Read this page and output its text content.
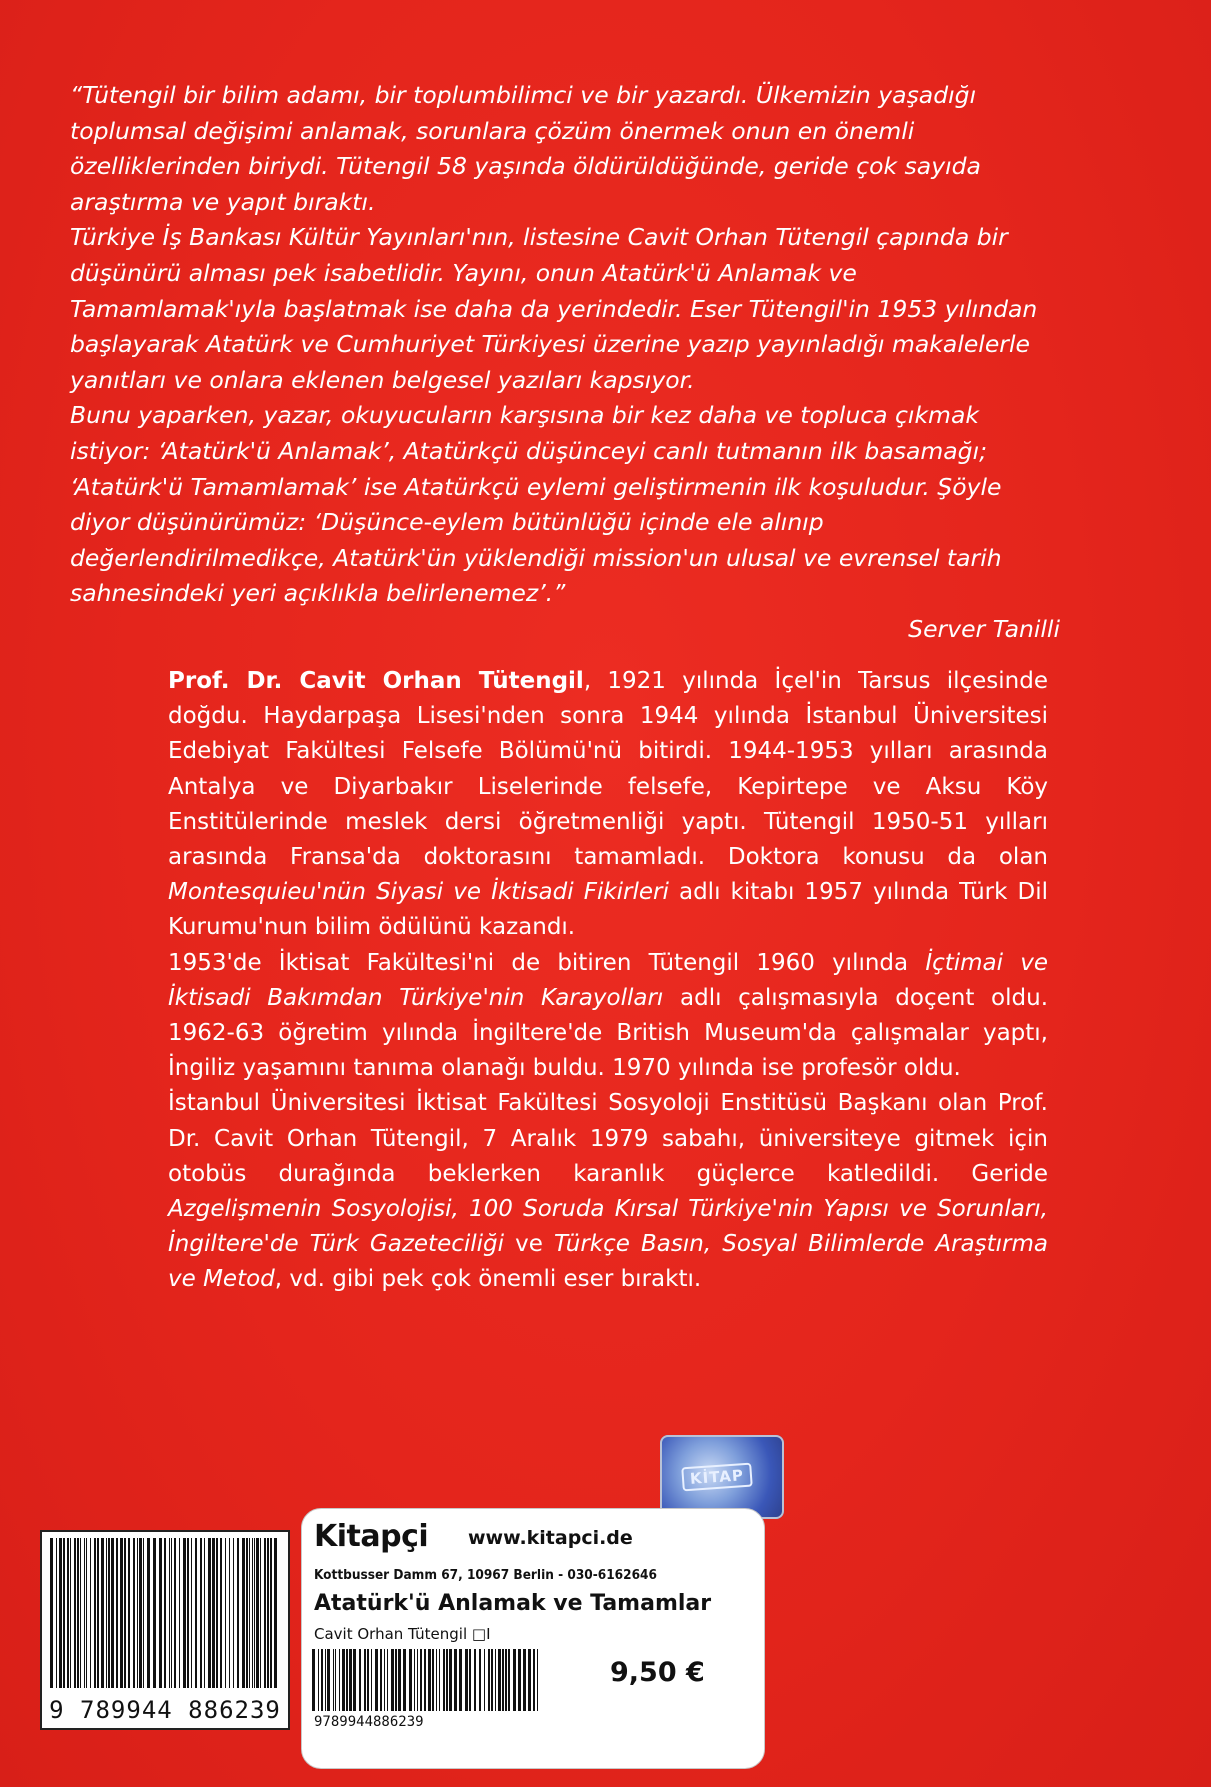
“Tütengil bir bilim adamı, bir toplumbilimci ve bir yazardı. Ülkemizin yaşadığı toplumsal değişimi anlamak, sorunlara çözüm önermek onun en önemli özelliklerinden biriydi. Tütengil 58 yaşında öldürüldüğünde, geride çok sayıda araştırma ve yapıt bıraktı.

Türkiye İş Bankası Kültür Yayınları'nın, listesine Cavit Orhan Tütengil çapında bir düşünürü alması pek isabetlidir. Yayını, onun Atatürk'ü Anlamak ve Tamamlamak'ıyla başlatmak ise daha da yerindedir. Eser Tütengil'in 1953 yılından başlayarak Atatürk ve Cumhuriyet Türkiyesi üzerine yazıp yayınladığı makalelerle yanıtları ve onlara eklenen belgesel yazıları kapsıyor.

Bunu yaparken, yazar, okuyucuların karşısına bir kez daha ve topluca çıkmak istiyor: ‘Atatürk'ü Anlamak’, Atatürkçü düşünceyi canlı tutmanın ilk basamağı; ‘Atatürk'ü Tamamlamak’ ise Atatürkçü eylemi geliştirmenin ilk koşuludur. Şöyle diyor düşünürümüz: ‘Düşünce-eylem bütünlüğü içinde ele alınıp değerlendirilmedikçe, Atatürk'ün yüklendiği mission'un ulusal ve evrensel tarih sahnesindeki yeri açıklıkla belirlenemez’.”

Server Tanilli

Prof. Dr. Cavit Orhan Tütengil, 1921 yılında İçel'in Tarsus ilçesinde doğdu. Haydarpaşa Lisesi'nden sonra 1944 yılında İstanbul Üniversitesi Edebiyat Fakültesi Felsefe Bölümü'nü bitirdi. 1944-1953 yılları arasında Antalya ve Diyarbakır Liselerinde felsefe, Kepirtepe ve Aksu Köy Enstitülerinde meslek dersi öğretmenliği yaptı. Tütengil 1950-51 yılları arasında Fransa'da doktorasını tamamladı. Doktora konusu da olan Montesquieu'nün Siyasi ve İktisadi Fikirleri adlı kitabı 1957 yılında Türk Dil Kurumu'nun bilim ödülünü kazandı.

1953'de İktisat Fakültesi'ni de bitiren Tütengil 1960 yılında İçtimai ve İktisadi Bakımdan Türkiye'nin Karayolları adlı çalışmasıyla doçent oldu. 1962-63 öğretim yılında İngiltere'de British Museum'da çalışmalar yaptı, İngiliz yaşamını tanıma olanağı buldu. 1970 yılında ise profesör oldu.

İstanbul Üniversitesi İktisat Fakültesi Sosyoloji Enstitüsü Başkanı olan Prof. Dr. Cavit Orhan Tütengil, 7 Aralık 1979 sabahı, üniversiteye gitmek için otobüs durağında beklerken karanlık güçlerce katledildi. Geride Azgelişmenin Sosyolojisi, 100 Soruda Kırsal Türkiye'nin Yapısı ve Sorunları, İngiltere'de Türk Gazeteciliği ve Türkçe Basın, Sosyal Bilimlerde Araştırma ve Metod, vd. gibi pek çok önemli eser bıraktı.

KİTAP
9 789944 886239
Kitapçi www.kitapci.de
Kottbusser Damm 67, 10967 Berlin - 030-6162646
Atatürk'ü Anlamak ve Tamamlar
Cavit Orhan Tütengil □I
9,50 €
9789944886239
